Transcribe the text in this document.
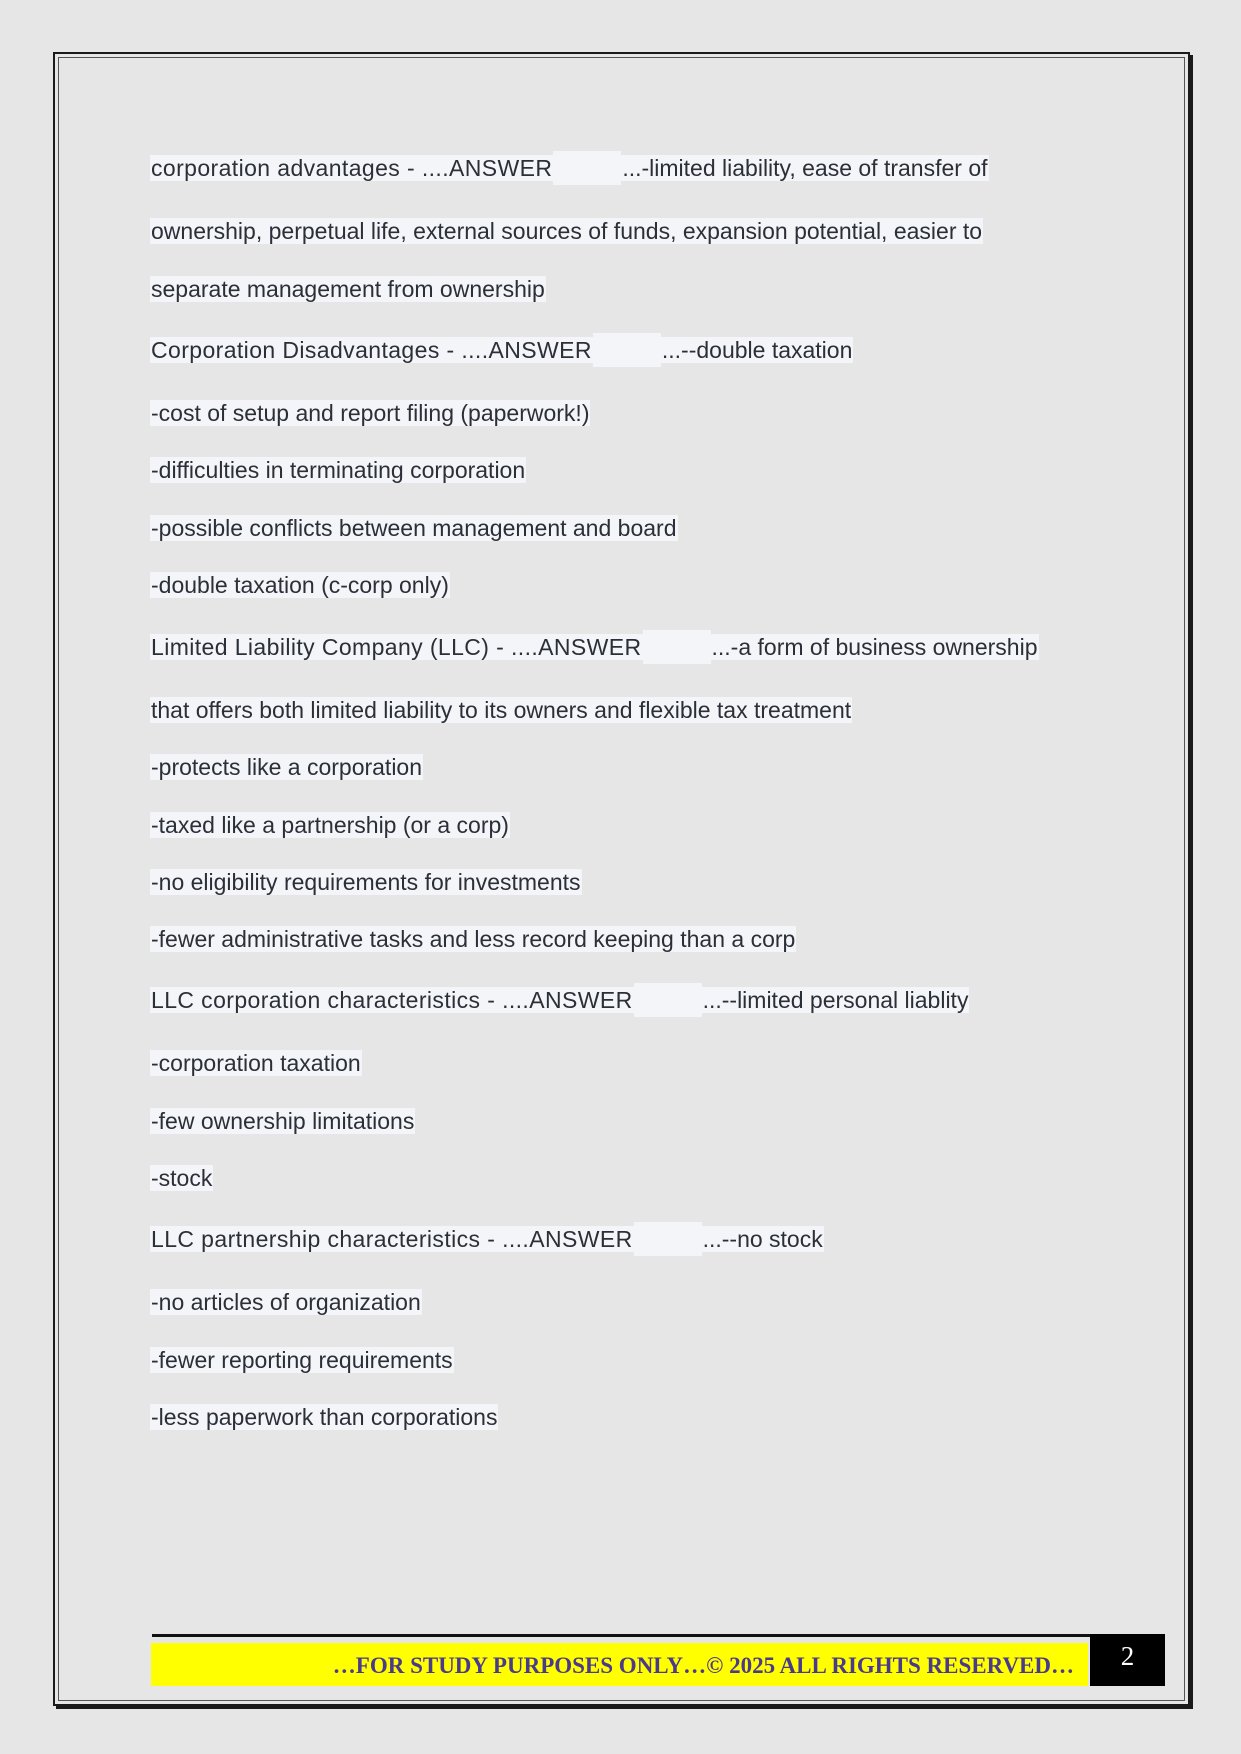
corporation advantages - ....ANSWER	...-limited liability, ease of transfer of

ownership, perpetual life, external sources of funds, expansion potential, easier to

separate management from ownership

Corporation Disadvantages - ....ANSWER	...--double taxation

-cost of setup and report filing (paperwork!)

-difficulties in terminating corporation

-possible conflicts between management and board

-double taxation (c-corp only)

Limited Liability Company (LLC) - ....ANSWER	...-a form of business ownership

that offers both limited liability to its owners and flexible tax treatment

-protects like a corporation

-taxed like a partnership (or a corp)

-no eligibility requirements for investments

-fewer administrative tasks and less record keeping than a corp

LLC corporation characteristics - ....ANSWER	...--limited personal liablity

-corporation taxation

-few ownership limitations

-stock

LLC partnership characteristics - ....ANSWER	...--no stock

-no articles of organization

-fewer reporting requirements

-less paperwork than corporations

…FOR STUDY PURPOSES ONLY…© 2025 ALL RIGHTS RESERVED…	2
